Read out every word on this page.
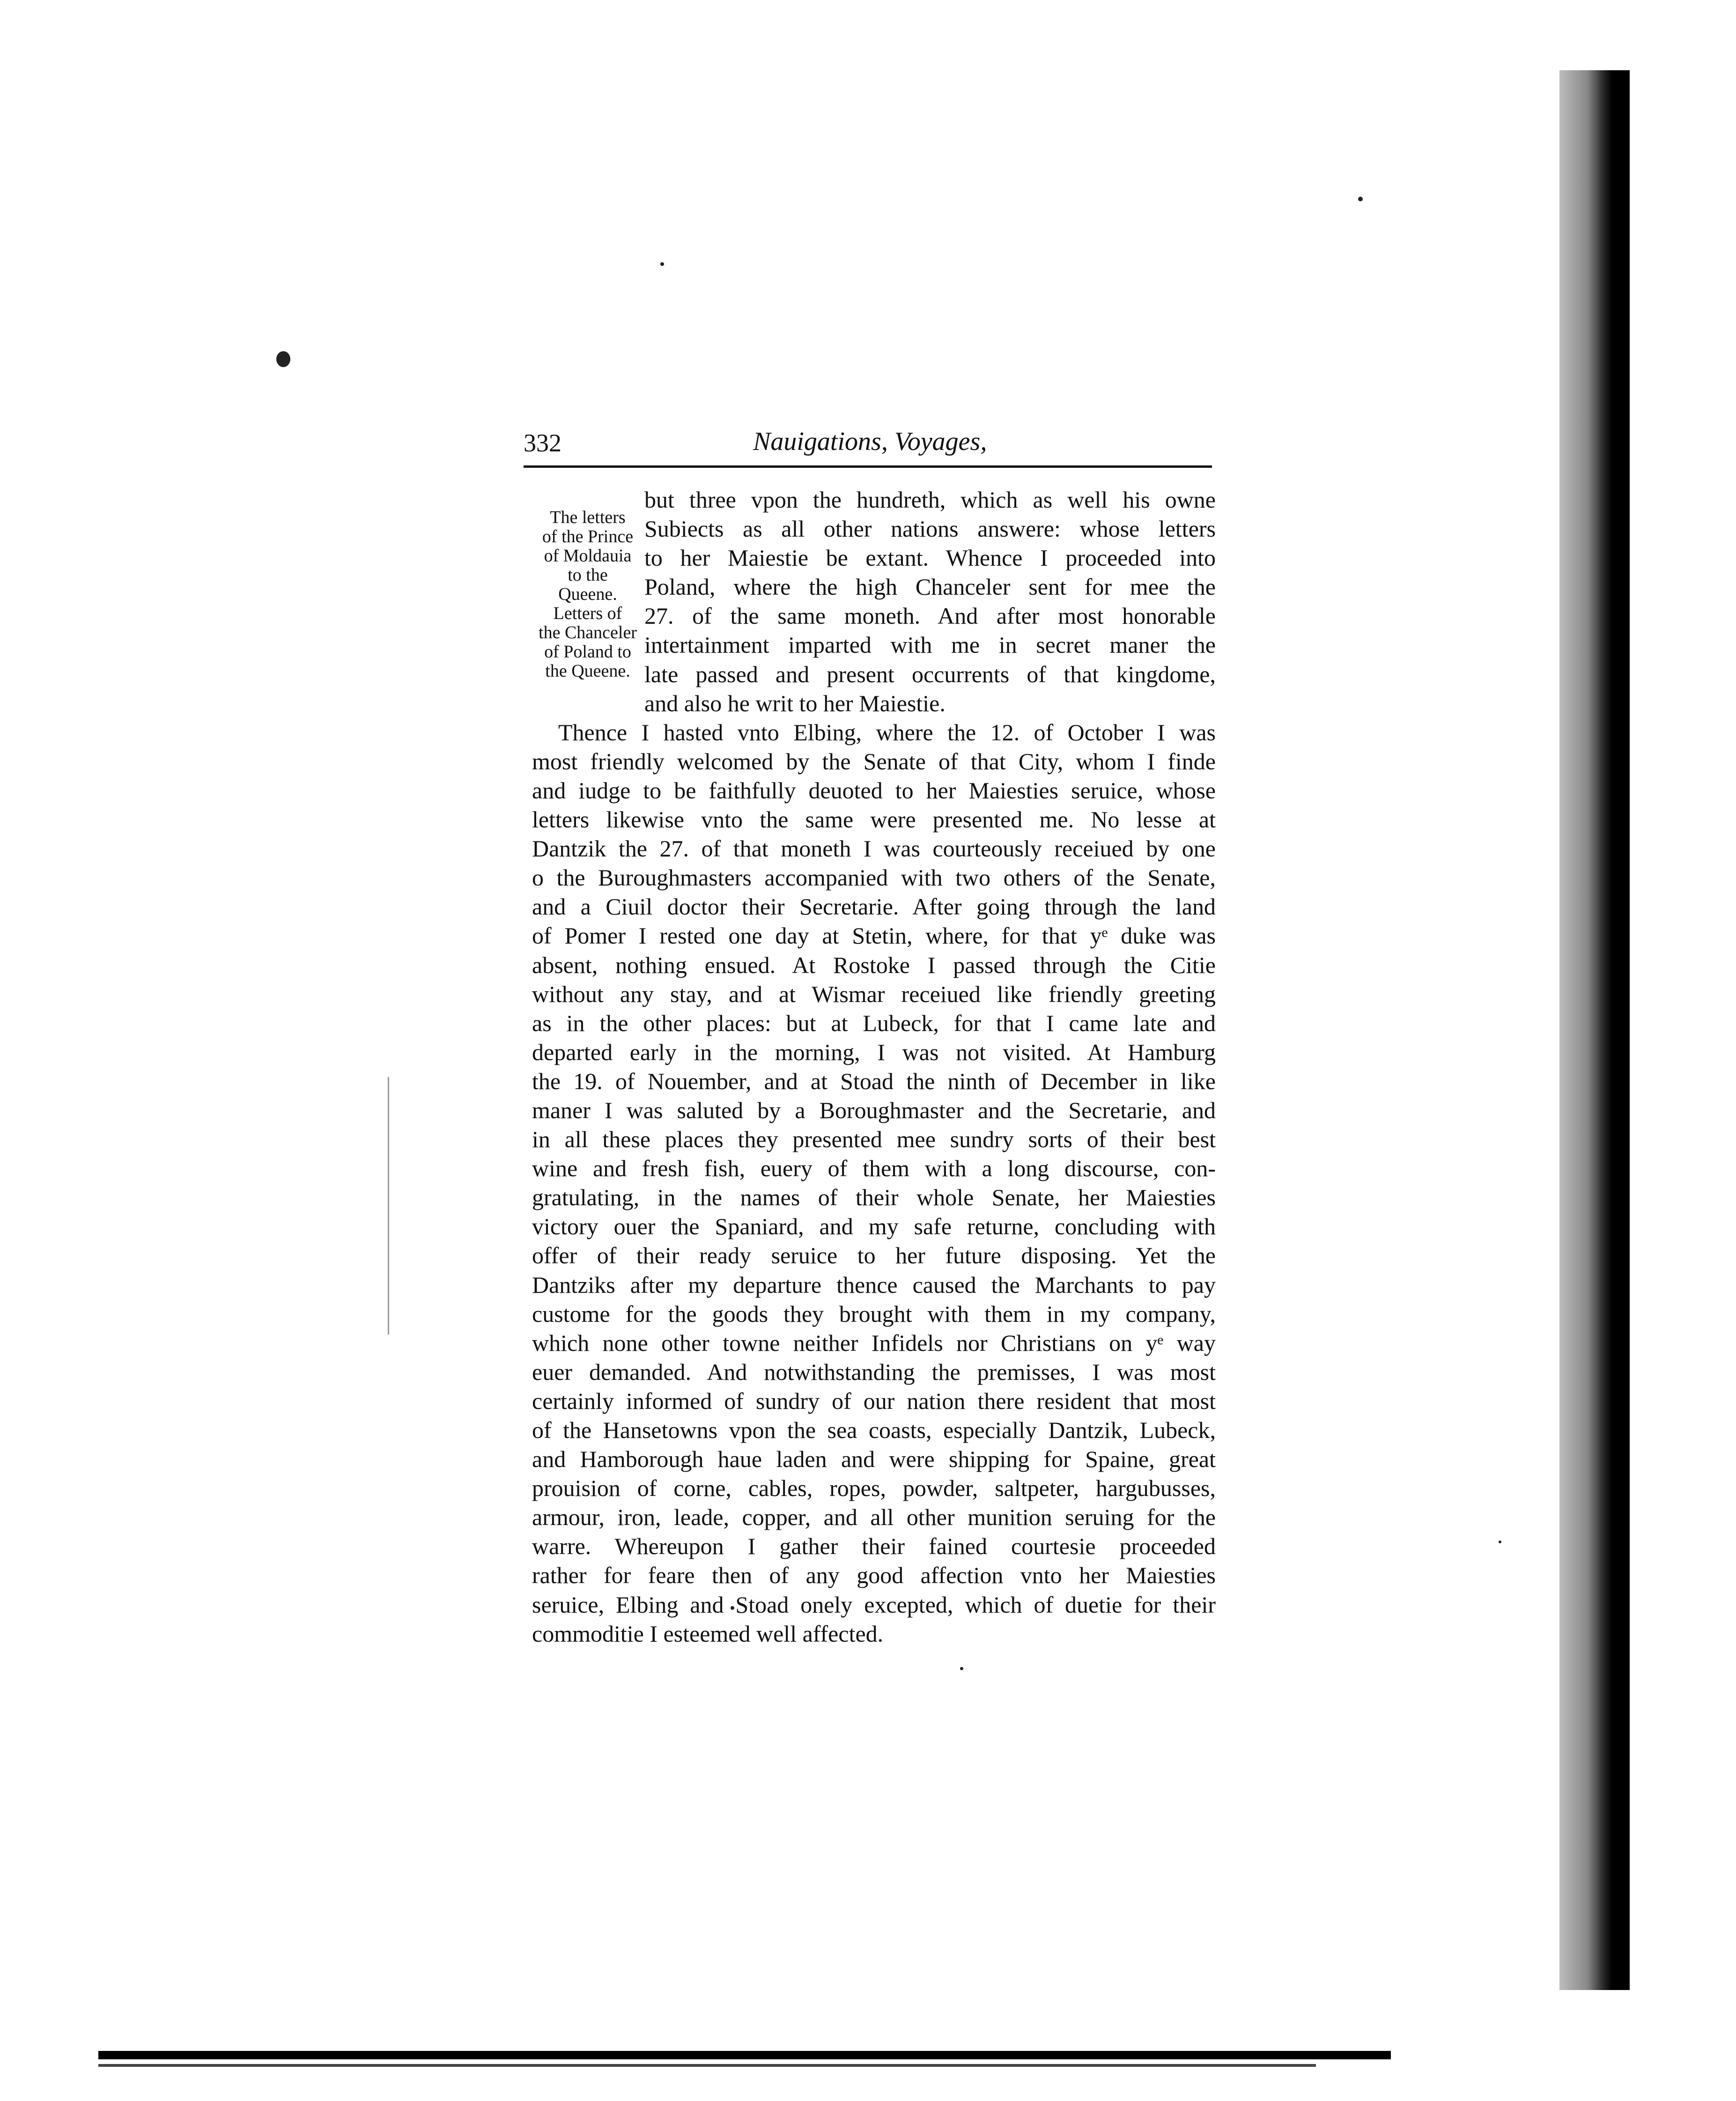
332	Nauigations, Voyages,
The letters
of the Prince
of Moldauia
to the
Queene.
Letters of
the Chanceler
of Poland to
the Queene.
but three vpon the hundreth, which as well his owne
Subiects as all other nations answere: whose letters
to her Maiestie be extant. Whence I proceeded into
Poland, where the high Chanceler sent for mee the
27. of the same moneth. And after most honorable
intertainment imparted with me in secret maner the
late passed and present occurrents of that kingdome,
and also he writ to her Maiestie.
Thence I hasted vnto Elbing, where the 12. of October I was
most friendly welcomed by the Senate of that City, whom I finde
and iudge to be faithfully deuoted to her Maiesties seruice, whose
letters likewise vnto the same were presented me. No lesse at
Dantzik the 27. of that moneth I was courteously receiued by one
o the Buroughmasters accompanied with two others of the Senate,
and a Ciuil doctor their Secretarie. After going through the land
of Pomer I rested one day at Stetin, where, for that yᵉ duke was
absent, nothing ensued. At Rostoke I passed through the Citie
without any stay, and at Wismar receiued like friendly greeting
as in the other places: but at Lubeck, for that I came late and
departed early in the morning, I was not visited. At Hamburg
the 19. of Nouember, and at Stoad the ninth of December in like
maner I was saluted by a Boroughmaster and the Secretarie, and
in all these places they presented mee sundry sorts of their best
wine and fresh fish, euery of them with a long discourse, con-
gratulating, in the names of their whole Senate, her Maiesties
victory ouer the Spaniard, and my safe returne, concluding with
offer of their ready seruice to her future disposing. Yet the
Dantziks after my departure thence caused the Marchants to pay
custome for the goods they brought with them in my company,
which none other towne neither Infidels nor Christians on yᵉ way
euer demanded. And notwithstanding the premisses, I was most
certainly informed of sundry of our nation there resident that most
of the Hansetowns vpon the sea coasts, especially Dantzik, Lubeck,
and Hamborough haue laden and were shipping for Spaine, great
prouision of corne, cables, ropes, powder, saltpeter, hargubusses,
armour, iron, leade, copper, and all other munition seruing for the
warre. Whereupon I gather their fained courtesie proceeded
rather for feare then of any good affection vnto her Maiesties
seruice, Elbing and Stoad onely excepted, which of duetie for their
commoditie I esteemed well affected.
